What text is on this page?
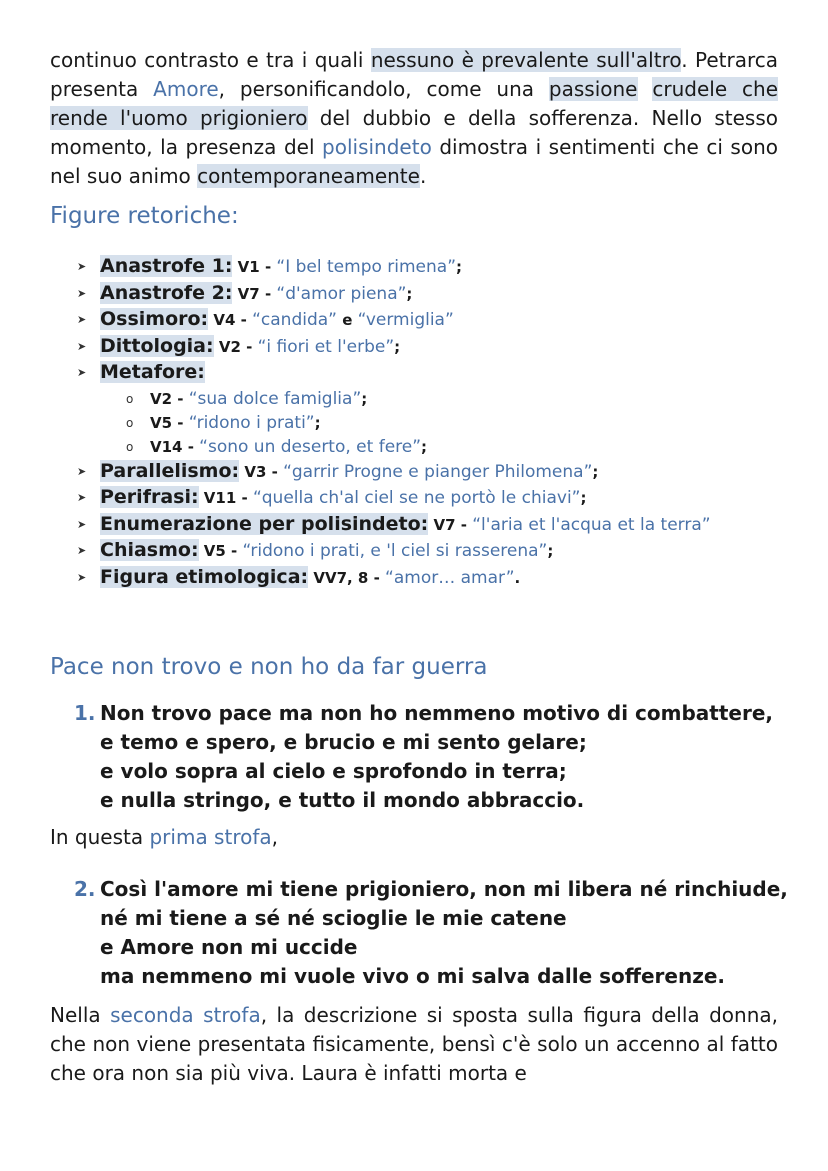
continuo contrasto e tra i quali nessuno è prevalente sull'altro. Petrarca presenta Amore, personificandolo, come una passione crudele che rende l'uomo prigioniero del dubbio e della sofferenza. Nello stesso momento, la presenza del polisindeto dimostra i sentimenti che ci sono nel suo animo contemporaneamente.

Figure retoriche:
➤ Anastrofe 1: V1 - “I bel tempo rimena”;
➤ Anastrofe 2: V7 - “d'amor piena”;
➤ Ossimoro: V4 - “candida” e “vermiglia”
➤ Dittologia: V2 - “i fiori et l'erbe”;
➤ Metafore:
o V2 - “sua dolce famiglia”;
o V5 - “ridono i prati”;
o V14 - “sono un deserto, et fere”;
➤ Parallelismo: V3 - “garrir Progne e pianger Philomena”;
➤ Perifrasi: V11 - “quella ch'al ciel se ne portò le chiavi”;
➤ Enumerazione per polisindeto: V7 - “l'aria et l'acqua et la terra”
➤ Chiasmo: V5 - “ridono i prati, e 'l ciel si rasserena”;
➤ Figura etimologica: VV7, 8 - “amor… amar”.
Pace non trovo e non ho da far guerra
1. Non trovo pace ma non ho nemmeno motivo di combattere,
e temo e spero, e brucio e mi sento gelare;
e volo sopra al cielo e sprofondo in terra;
e nulla stringo, e tutto il mondo abbraccio.

In questa prima strofa,

2. Così l'amore mi tiene prigioniero, non mi libera né rinchiude,
né mi tiene a sé né scioglie le mie catene
e Amore non mi uccide
ma nemmeno mi vuole vivo o mi salva dalle sofferenze.

Nella seconda strofa, la descrizione si sposta sulla figura della donna, che non viene presentata fisicamente, bensì c'è solo un accenno al fatto che ora non sia più viva. Laura è infatti morta e
